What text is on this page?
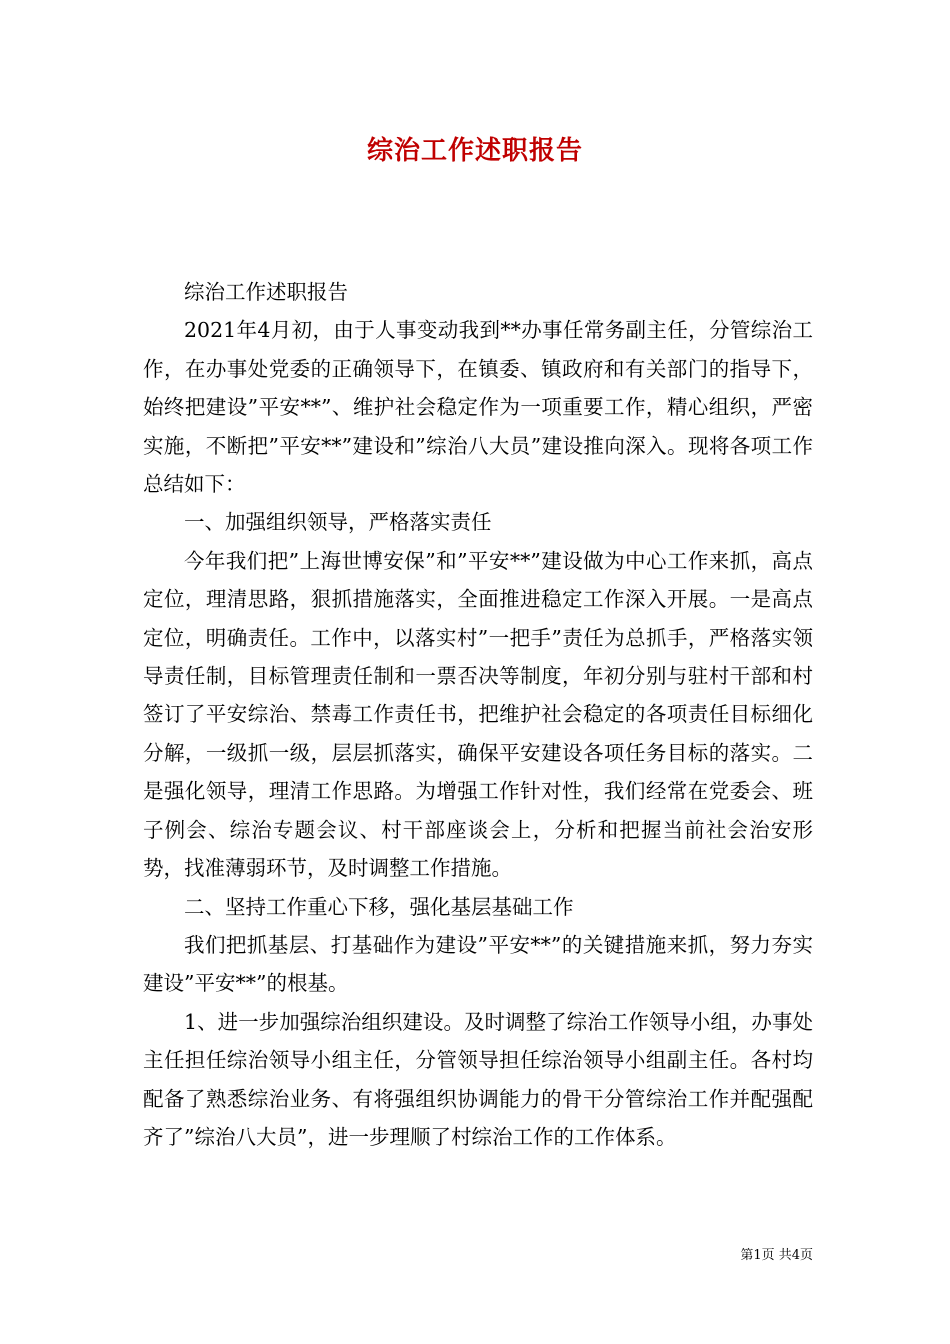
综治工作述职报告

综治工作述职报告

2021年4月初，由于人事变动我到**办事任常务副主任，分管综治工作，在办事处党委的正确领导下，在镇委、镇政府和有关部门的指导下，始终把建设”平安**”、维护社会稳定作为一项重要工作，精心组织，严密实施，不断把”平安**”建设和”综治八大员”建设推向深入。现将各项工作总结如下：

一、加强组织领导，严格落实责任

今年我们把”上海世博安保”和”平安**”建设做为中心工作来抓，高点定位，理清思路，狠抓措施落实，全面推进稳定工作深入开展。一是高点定位，明确责任。工作中，以落实村”一把手”责任为总抓手，严格落实领导责任制，目标管理责任制和一票否决等制度，年初分别与驻村干部和村签订了平安综治、禁毒工作责任书，把维护社会稳定的各项责任目标细化分解，一级抓一级，层层抓落实，确保平安建设各项任务目标的落实。二是强化领导，理清工作思路。为增强工作针对性，我们经常在党委会、班子例会、综治专题会议、村干部座谈会上，分析和把握当前社会治安形势，找准薄弱环节，及时调整工作措施。

二、坚持工作重心下移，强化基层基础工作

我们把抓基层、打基础作为建设”平安**”的关键措施来抓，努力夯实建设”平安**”的根基。

1、进一步加强综治组织建设。及时调整了综治工作领导小组，办事处主任担任综治领导小组主任，分管领导担任综治领导小组副主任。各村均配备了熟悉综治业务、有将强组织协调能力的骨干分管综治工作并配强配齐了”综治八大员”，进一步理顺了村综治工作的工作体系。

第1页 共4页
